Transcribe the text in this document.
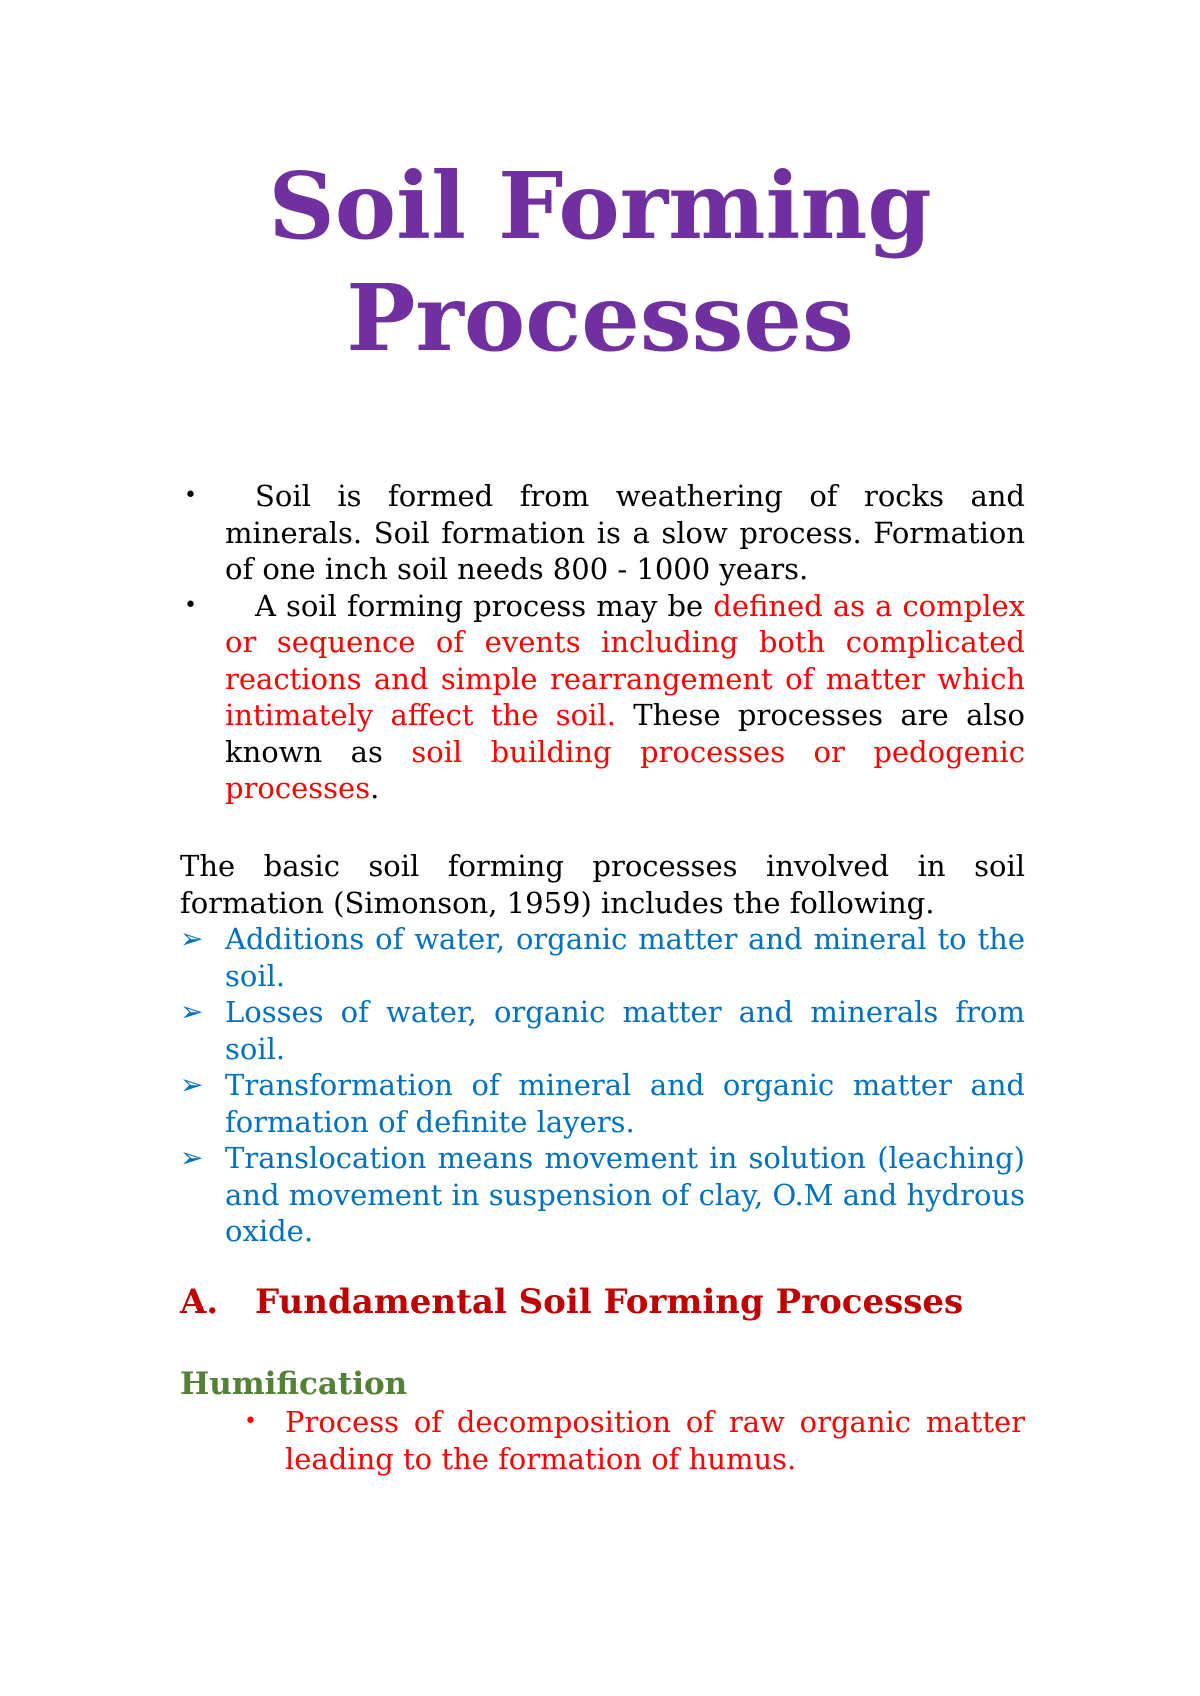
Soil Forming
Processes
• Soil is formed from weathering of rocks and minerals. Soil formation is a slow process. Formation of one inch soil needs 800 - 1000 years.
• A soil forming process may be defined as a complex or sequence of events including both complicated reactions and simple rearrangement of matter which intimately affect the soil. These processes are also known as soil building processes or pedogenic processes.

The basic soil forming processes involved in soil formation (Simonson, 1959) includes the following.

➢ Additions of water, organic matter and mineral to the soil.
➢ Losses of water, organic matter and minerals from soil.
➢ Transformation of mineral and organic matter and formation of definite layers.
➢ Translocation means movement in solution (leaching) and movement in suspension of clay, O.M and hydrous oxide.
A. Fundamental Soil Forming Processes
Humification
• Process of decomposition of raw organic matter leading to the formation of humus.
